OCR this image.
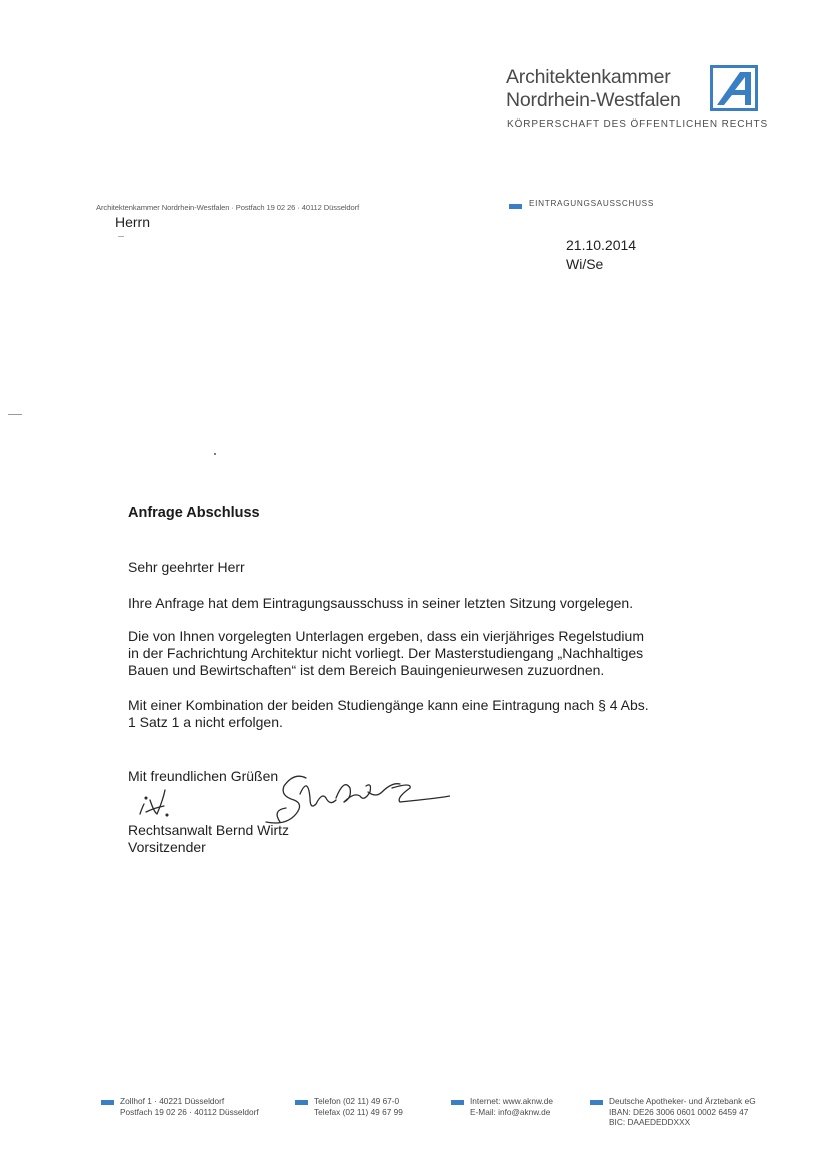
Architektenkammer
Nordrhein-Westfalen
KÖRPERSCHAFT DES ÖFFENTLICHEN RECHTS
Architektenkammer Nordrhein-Westfalen · Postfach 19 02 26 · 40112 Düsseldorf
Herrn
EINTRAGUNGSAUSSCHUSS
21.10.2014
Wi/Se
Anfrage Abschluss
Sehr geehrter Herr
Ihre Anfrage hat dem Eintragungsausschuss in seiner letzten Sitzung vorgelegen.
Die von Ihnen vorgelegten Unterlagen ergeben, dass ein vierjähriges Regelstudium
in der Fachrichtung Architektur nicht vorliegt. Der Masterstudiengang „Nachhaltiges
Bauen und Bewirtschaften“ ist dem Bereich Bauingenieurwesen zuzuordnen.
Mit einer Kombination der beiden Studiengänge kann eine Eintragung nach § 4 Abs.
1 Satz 1 a nicht erfolgen.
Mit freundlichen Grüßen
Rechtsanwalt Bernd Wirtz
Vorsitzender
Zollhof 1 · 40221 Düsseldorf
Postfach 19 02 26 · 40112 Düsseldorf
Telefon (02 11) 49 67-0
Telefax (02 11) 49 67 99
Internet: www.aknw.de
E-Mail: info@aknw.de
Deutsche Apotheker- und Ärztebank eG
IBAN: DE26 3006 0601 0002 6459 47
BIC: DAAEDEDDXXX
